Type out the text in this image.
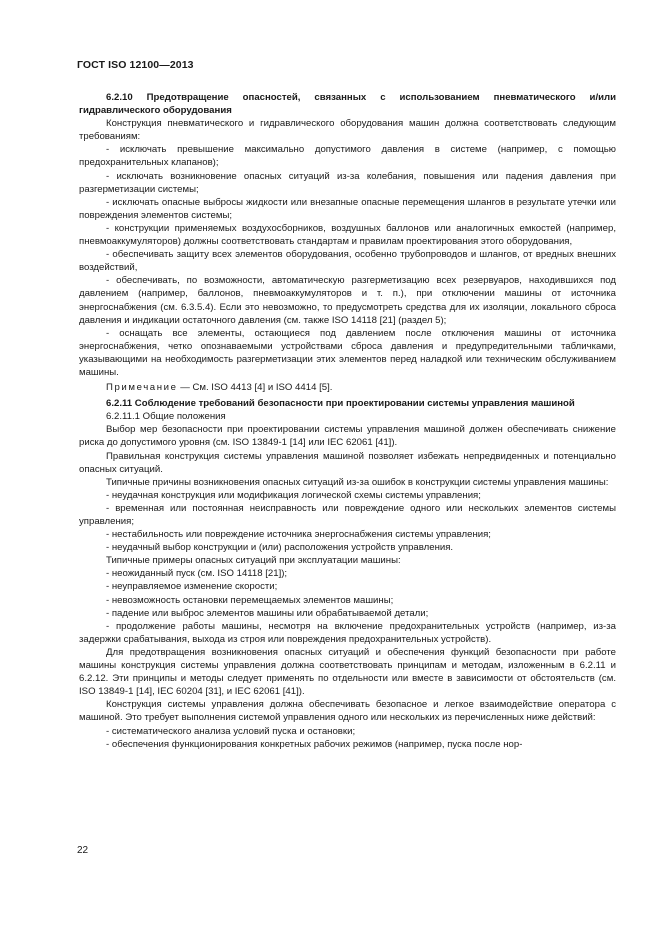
ГОСТ ISO 12100—2013

6.2.10 Предотвращение опасностей, связанных с использованием пневматического и/или гидравлического оборудования

Конструкция пневматического и гидравлического оборудования машин должна соответствовать следующим требованиям:

- исключать превышение максимально допустимого давления в системе (например, с помощью предохранительных клапанов);

- исключать возникновение опасных ситуаций из-за колебания, повышения или падения давления при разгерметизации системы;

- исключать опасные выбросы жидкости или внезапные опасные перемещения шлангов в результате утечки или повреждения элементов системы;

- конструкции применяемых воздухосборников, воздушных баллонов или аналогичных емкостей (например, пневмоаккумуляторов) должны соответствовать стандартам и правилам проектирования этого оборудования,

- обеспечивать защиту всех элементов оборудования, особенно трубопроводов и шлангов, от вредных внешних воздействий,

- обеспечивать, по возможности, автоматическую разгерметизацию всех резервуаров, находившихся под давлением (например, баллонов, пневмоаккумуляторов и т. п.), при отключении машины от источника энергоснабжения (см. 6.3.5.4). Если это невозможно, то предусмотреть средства для их изоляции, локального сброса давления и индикации остаточного давления (см. также ISO 14118 [21] (раздел 5);

- оснащать все элементы, остающиеся под давлением после отключения машины от источника энергоснабжения, четко опознаваемыми устройствами сброса давления и предупредительными табличками, указывающими на необходимость разгерметизации этих элементов перед наладкой или техническим обслуживанием машины.

Примечание — См. ISO 4413 [4] и ISO 4414 [5].

6.2.11 Соблюдение требований безопасности при проектировании системы управления машиной

6.2.11.1 Общие положения

Выбор мер безопасности при проектировании системы управления машиной должен обеспечивать снижение риска до допустимого уровня (см. ISO 13849-1 [14] или IEC 62061 [41]).

Правильная конструкция системы управления машиной позволяет избежать непредвиденных и потенциально опасных ситуаций.

Типичные причины возникновения опасных ситуаций из-за ошибок в конструкции системы управления машины:

- неудачная конструкция или модификация логической схемы системы управления;

- временная или постоянная неисправность или повреждение одного или нескольких элементов системы управления;

- нестабильность или повреждение источника энергоснабжения системы управления;

- неудачный выбор конструкции и (или) расположения устройств управления.

Типичные примеры опасных ситуаций при эксплуатации машины:

- неожиданный пуск (см. ISO 14118 [21]);

- неуправляемое изменение скорости;

- невозможность остановки перемещаемых элементов машины;

- падение или выброс элементов машины или обрабатываемой детали;

- продолжение работы машины, несмотря на включение предохранительных устройств (например, из-за задержки срабатывания, выхода из строя или повреждения предохранительных устройств).

Для предотвращения возникновения опасных ситуаций и обеспечения функций безопасности при работе машины конструкция системы управления должна соответствовать принципам и методам, изложенным в 6.2.11 и 6.2.12. Эти принципы и методы следует применять по отдельности или вместе в зависимости от обстоятельств (см. ISO 13849-1 [14], IEC 60204 [31], и IEC 62061 [41]).

Конструкция системы управления должна обеспечивать безопасное и легкое взаимодействие оператора с машиной. Это требует выполнения системой управления одного или нескольких из перечисленных ниже действий:

- систематического анализа условий пуска и остановки;

- обеспечения функционирования конкретных рабочих режимов (например, пуска после нор-

22
